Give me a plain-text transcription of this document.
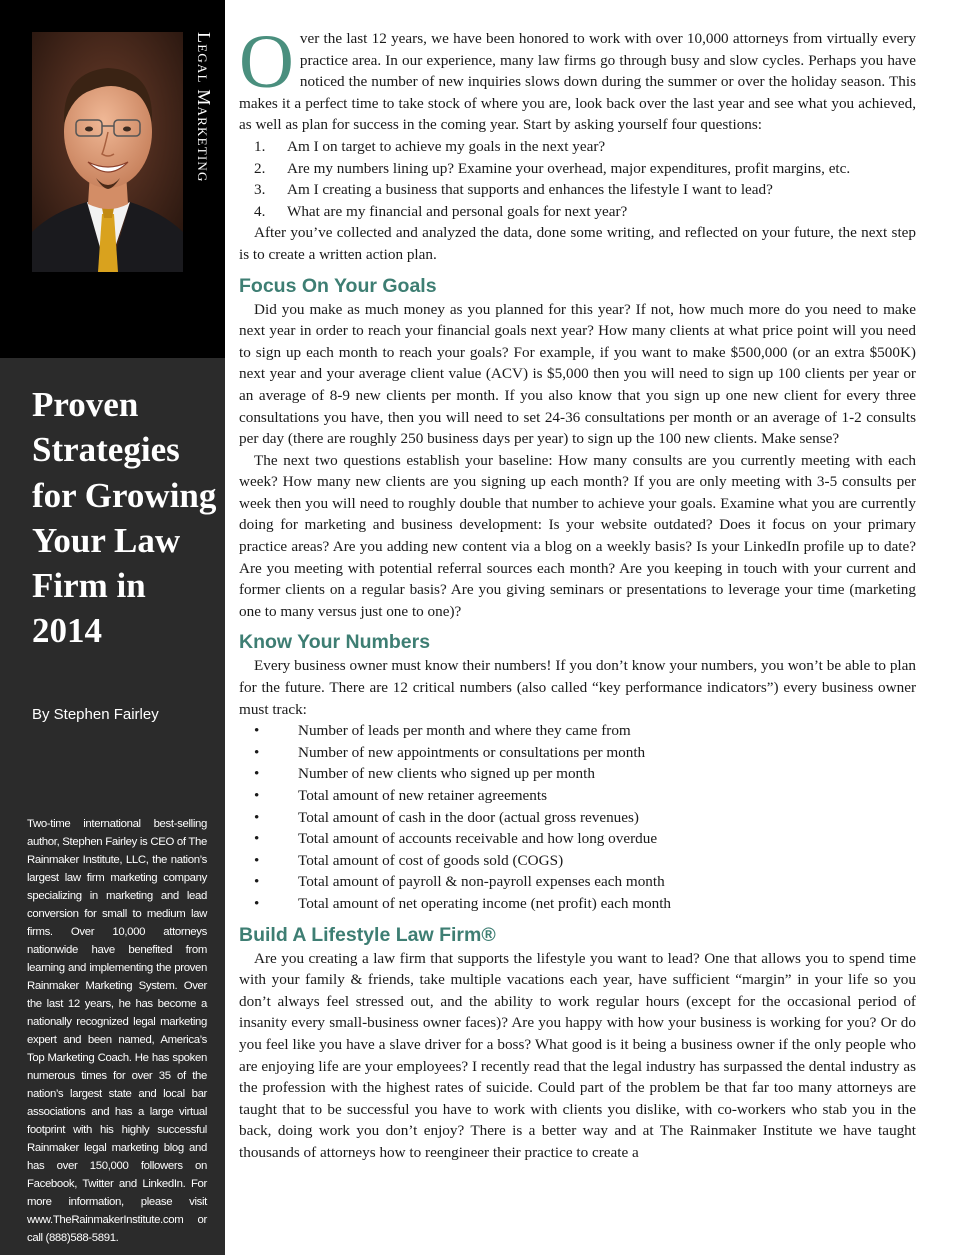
Legal Marketing
Proven Strategies for Growing Your Law Firm in 2014
By Stephen Fairley

Two-time international best-selling author, Stephen Fairley is CEO of The Rainmaker Institute, LLC, the nation’s largest law firm marketing company specializing in marketing and lead conversion for small to medium law firms. Over 10,000 attorneys nationwide have benefited from learning and implementing the proven Rainmaker Marketing System. Over the last 12 years, he has become a nationally recognized legal marketing expert and been named, America’s Top Marketing Coach. He has spoken numerous times for over 35 of the nation’s largest state and local bar associations and has a large virtual footprint with his highly successful Rainmaker legal marketing blog and has over 150,000 followers on Facebook, Twitter and LinkedIn. For more information, please visit www.TheRainmakerInstitute.com or call (888)588-5891.

Over the last 12 years, we have been honored to work with over 10,000 attorneys from virtually every practice area. In our experience, many law firms go through busy and slow cycles. Perhaps you have noticed the number of new inquiries slows down during the summer or over the holiday season. This makes it a perfect time to take stock of where you are, look back over the last year and see what you achieved, as well as plan for success in the coming year. Start by asking yourself four questions:

1.	Am I on target to achieve my goals in the next year?
2.	Are my numbers lining up? Examine your overhead, major expenditures, profit margins, etc.
3.	Am I creating a business that supports and enhances the lifestyle I want to lead?
4.	What are my financial and personal goals for next year?

After you’ve collected and analyzed the data, done some writing, and reflected on your future, the next step is to create a written action plan.

Focus On Your Goals

Did you make as much money as you planned for this year? If not, how much more do you need to make next year in order to reach your financial goals next year? How many clients at what price point will you need to sign up each month to reach your goals? For example, if you want to make $500,000 (or an extra $500K) next year and your average client value (ACV) is $5,000 then you will need to sign up 100 clients per year or an average of 8-9 new clients per month. If you also know that you sign up one new client for every three consultations you have, then you will need to set 24-36 consultations per month or an average of 1-2 consults per day (there are roughly 250 business days per year) to sign up the 100 new clients. Make sense?

The next two questions establish your baseline: How many consults are you currently meeting with each week? How many new clients are you signing up each month? If you are only meeting with 3-5 consults per week then you will need to roughly double that number to achieve your goals. Examine what you are currently doing for marketing and business development: Is your website outdated? Does it focus on your primary practice areas? Are you adding new content via a blog on a weekly basis? Is your LinkedIn profile up to date? Are you meeting with potential referral sources each month? Are you keeping in touch with your current and former clients on a regular basis? Are you giving seminars or presentations to leverage your time (marketing one to many versus just one to one)?

Know Your Numbers

Every business owner must know their numbers! If you don’t know your numbers, you won’t be able to plan for the future. There are 12 critical numbers (also called “key performance indicators”) every business owner must track:

•	Number of leads per month and where they came from
•	Number of new appointments or consultations per month
•	Number of new clients who signed up per month
•	Total amount of new retainer agreements
•	Total amount of cash in the door (actual gross revenues)
•	Total amount of accounts receivable and how long overdue
•	Total amount of cost of goods sold (COGS)
•	Total amount of payroll & non-payroll expenses each month
•	Total amount of net operating income (net profit) each month
Build A Lifestyle Law Firm®

Are you creating a law firm that supports the lifestyle you want to lead? One that allows you to spend time with your family & friends, take multiple vacations each year, have sufficient “margin” in your life so you don’t always feel stressed out, and the ability to work regular hours (except for the occasional period of insanity every small-business owner faces)? Are you happy with how your business is working for you? Or do you feel like you have a slave driver for a boss? What good is it being a business owner if the only people who are enjoying life are your employees? I recently read that the legal industry has surpassed the dental industry as the profession with the highest rates of suicide. Could part of the problem be that far too many attorneys are taught that to be successful you have to work with clients you dislike, with co-workers who stab you in the back, doing work you don’t enjoy? There is a better way and at The Rainmaker Institute we have taught thousands of attorneys how to reengineer their practice to create a
